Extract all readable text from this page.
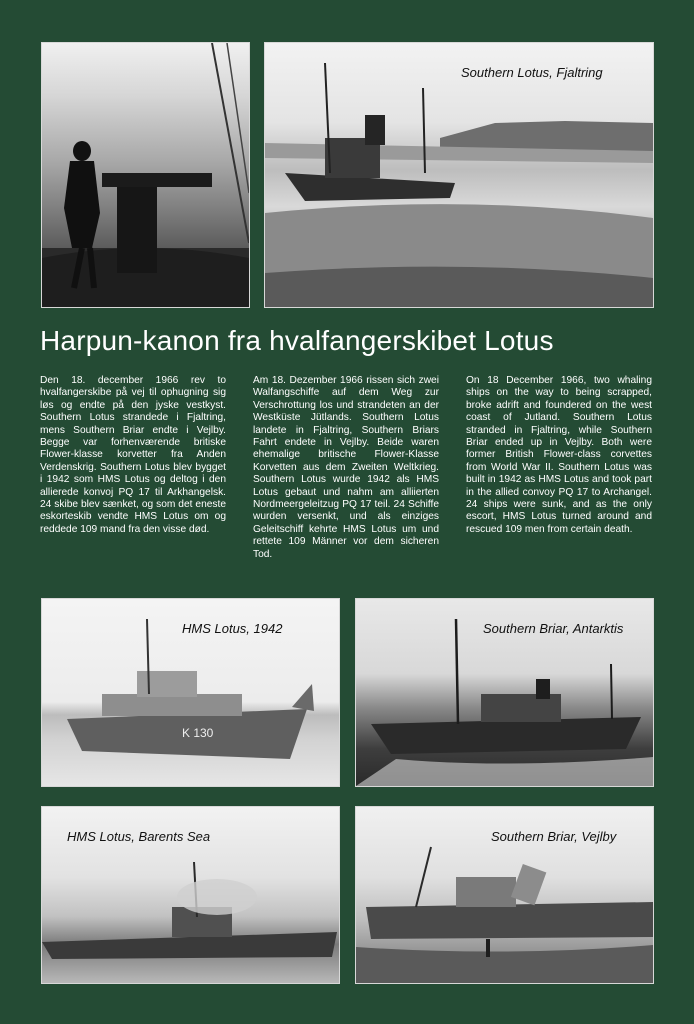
Southern Lotus, Fjaltring
Harpun-kanon fra hvalfangerskibet Lotus

Den 18. december 1966 rev to hvalfangerskibe på vej til ophugning sig løs og endte på den jyske vestkyst. Southern Lotus strandede i Fjaltring, mens Southern Briar endte i Vejlby. Begge var forhenværende britiske Flower-klasse korvetter fra Anden Verdenskrig. Southern Lotus blev bygget i 1942 som HMS Lotus og deltog i den allierede konvoj PQ 17 til Arkhangelsk. 24 skibe blev sænket, og som det eneste eskorteskib vendte HMS Lotus om og reddede 109 mand fra den visse død.

Am 18. Dezember 1966 rissen sich zwei Walfangschiffe auf dem Weg zur Verschrottung los und strandeten an der Westküste Jütlands. Southern Lotus landete in Fjaltring, Southern Briars Fahrt endete in Vejlby. Beide waren ehemalige britische Flower-Klasse Korvetten aus dem Zweiten Weltkrieg. Southern Lotus wurde 1942 als HMS Lotus gebaut und nahm am alliierten Nordmeergeleitzug PQ 17 teil. 24 Schiffe wurden versenkt, und als einziges Geleitschiff kehrte HMS Lotus um und rettete 109 Männer vor dem sicheren Tod.

On 18 December 1966, two whaling ships on the way to being scrapped, broke adrift and foundered on the west coast of Jutland. Southern Lotus stranded in Fjaltring, while Southern Briar ended up in Vejlby. Both were former British Flower-class corvettes from World War II. Southern Lotus was built in 1942 as HMS Lotus and took part in the allied convoy PQ 17 to Archangel. 24 ships were sunk, and as the only escort, HMS Lotus turned around and rescued 109 men from certain death.

K 130
HMS Lotus, 1942	Southern Briar, Antarktis
HMS Lotus, Barents Sea	Southern Briar, Vejlby
